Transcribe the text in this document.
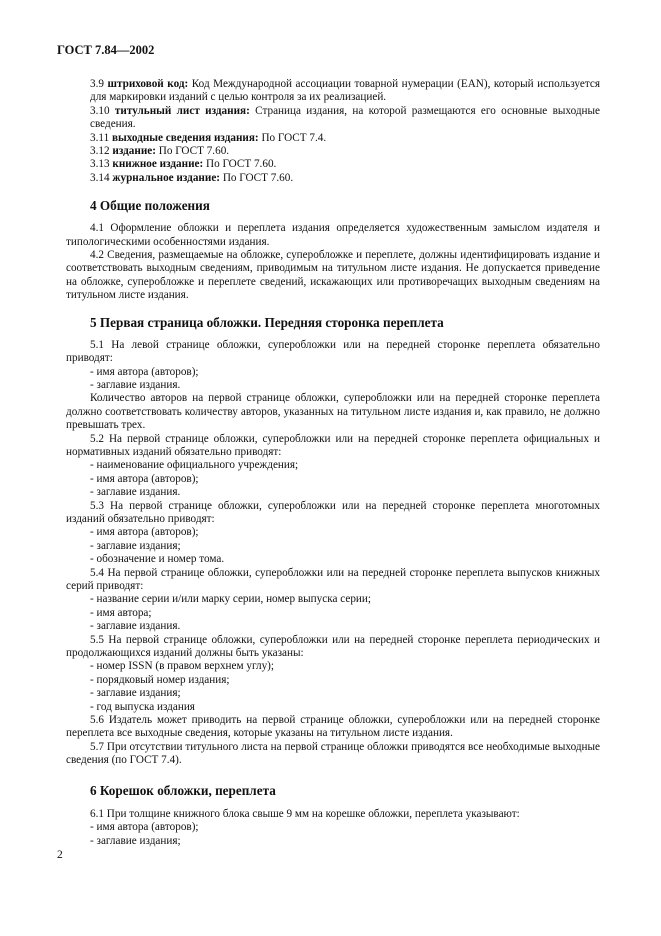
ГОСТ 7.84—2002

3.9 штриховой код: Код Международной ассоциации товарной нумерации (EAN), который используется для маркировки изданий с целью контроля за их реализацией.

3.10 титульный лист издания: Страница издания, на которой размещаются его основные выходные сведения.

3.11 выходные сведения издания: По ГОСТ 7.4.

3.12 издание: По ГОСТ 7.60.

3.13 книжное издание: По ГОСТ 7.60.

3.14 журнальное издание: По ГОСТ 7.60.

4 Общие положения

4.1 Оформление обложки и переплета издания определяется художественным замыслом издателя и типологическими особенностями издания.

4.2 Сведения, размещаемые на обложке, суперобложке и переплете, должны идентифицировать издание и соответствовать выходным сведениям, приводимым на титульном листе издания. Не допускается приведение на обложке, суперобложке и переплете сведений, искажающих или противоречащих выходным сведениям на титульном листе издания.

5 Первая страница обложки. Передняя сторонка переплета

5.1 На левой странице обложки, суперобложки или на передней сторонке переплета обязательно приводят:

- имя автора (авторов);

- заглавие издания.

Количество авторов на первой странице обложки, суперобложки или на передней сторонке переплета должно соответствовать количеству авторов, указанных на титульном листе издания и, как правило, не должно превышать трех.

5.2 На первой странице обложки, суперобложки или на передней сторонке переплета официальных и нормативных изданий обязательно приводят:

- наименование официального учреждения;

- имя автора (авторов);

- заглавие издания.

5.3 На первой странице обложки, суперобложки или на передней сторонке переплета многотомных изданий обязательно приводят:

- имя автора (авторов);

- заглавие издания;

- обозначение и номер тома.

5.4 На первой странице обложки, суперобложки или на передней сторонке переплета выпусков книжных серий приводят:

- название серии и/или марку серии, номер выпуска серии;

- имя автора;

- заглавие издания.

5.5 На первой странице обложки, суперобложки или на передней сторонке переплета периодических и продолжающихся изданий должны быть указаны:

- номер ISSN (в правом верхнем углу);

- порядковый номер издания;

- заглавие издания;

- год выпуска издания

5.6 Издатель может приводить на первой странице обложки, суперобложки или на передней сторонке переплета все выходные сведения, которые указаны на титульном листе издания.

5.7 При отсутствии титульного листа на первой странице обложки приводятся все необходимые выходные сведения (по ГОСТ 7.4).

6 Корешок обложки, переплета

6.1 При толщине книжного блока свыше 9 мм на корешке обложки, переплета указывают:

- имя автора (авторов);

- заглавие издания;

2
